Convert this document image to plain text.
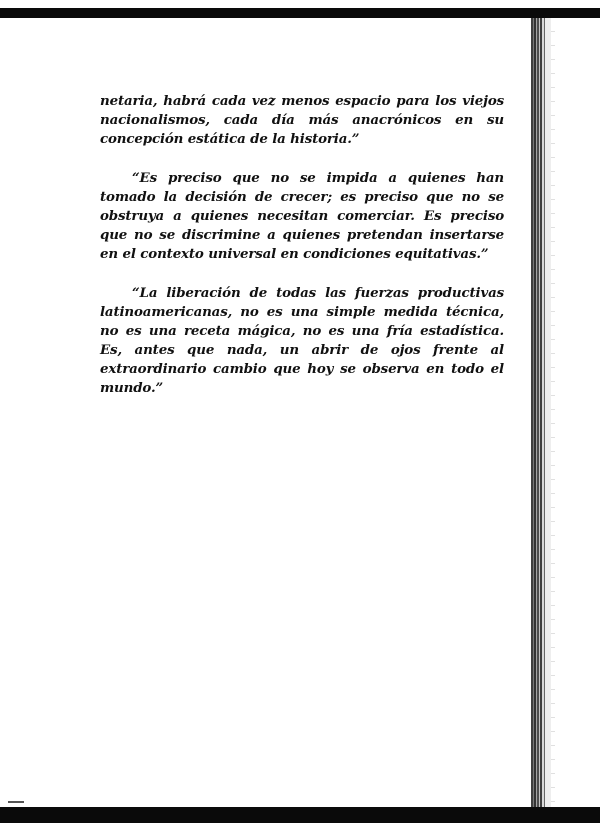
netaria, habrá cada vez menos espacio para los viejos nacionalismos, cada día más anacrónicos en su concepción estática de la historia.”

“Es preciso que no se impida a quienes han tomado la decisión de crecer; es preciso que no se obstruya a quienes necesitan comerciar. Es preciso que no se discrimine a quienes pretendan insertarse en el contexto universal en condiciones equitativas.”

“La liberación de todas las fuerzas productivas latinoamericanas, no es una simple medida técnica, no es una receta mágica, no es una fría estadística. Es, antes que nada, un abrir de ojos frente al extraordinario cambio que hoy se observa en todo el mundo.”
